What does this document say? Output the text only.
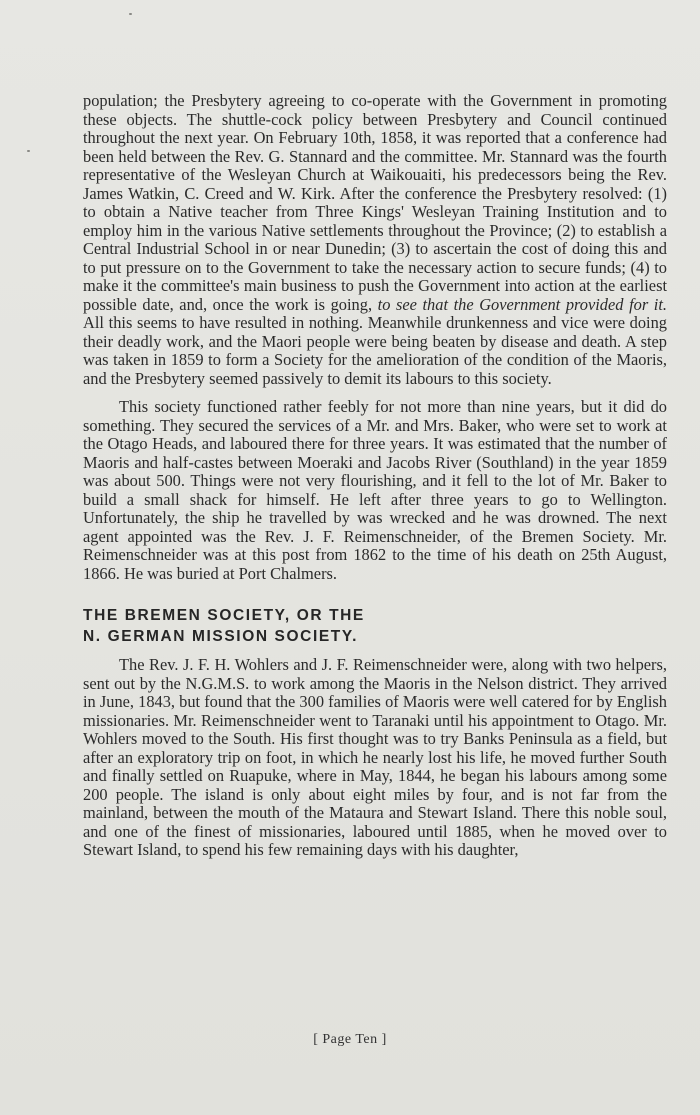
population; the Presbytery agreeing to co-operate with the Government in promoting these objects. The shuttle-cock policy between Presbytery and Council continued throughout the next year. On February 10th, 1858, it was reported that a conference had been held between the Rev. G. Stannard and the committee. Mr. Stannard was the fourth representative of the Wesleyan Church at Waikouaiti, his predecessors being the Rev. James Watkin, C. Creed and W. Kirk. After the conference the Presbytery resolved: (1) to obtain a Native teacher from Three Kings' Wesleyan Training Institution and to employ him in the various Native settlements throughout the Province; (2) to establish a Central Industrial School in or near Dunedin; (3) to ascertain the cost of doing this and to put pressure on to the Government to take the necessary action to secure funds; (4) to make it the committee's main business to push the Government into action at the earliest possible date, and, once the work is going, to see that the Government provided for it. All this seems to have resulted in nothing. Meanwhile drunkenness and vice were doing their deadly work, and the Maori people were being beaten by disease and death. A step was taken in 1859 to form a Society for the amelioration of the condition of the Maoris, and the Presbytery seemed passively to demit its labours to this society.

This society functioned rather feebly for not more than nine years, but it did do something. They secured the services of a Mr. and Mrs. Baker, who were set to work at the Otago Heads, and laboured there for three years. It was estimated that the number of Maoris and half-castes between Moeraki and Jacobs River (Southland) in the year 1859 was about 500. Things were not very flourishing, and it fell to the lot of Mr. Baker to build a small shack for himself. He left after three years to go to Wellington. Unfortunately, the ship he travelled by was wrecked and he was drowned. The next agent appointed was the Rev. J. F. Reimenschneider, of the Bremen Society. Mr. Reimenschneider was at this post from 1862 to the time of his death on 25th August, 1866. He was buried at Port Chalmers.

THE BREMEN SOCIETY, OR THE
N. GERMAN MISSION SOCIETY.

The Rev. J. F. H. Wohlers and J. F. Reimenschneider were, along with two helpers, sent out by the N.G.M.S. to work among the Maoris in the Nelson district. They arrived in June, 1843, but found that the 300 families of Maoris were well catered for by English missionaries. Mr. Reimenschneider went to Taranaki until his appointment to Otago. Mr. Wohlers moved to the South. His first thought was to try Banks Peninsula as a field, but after an exploratory trip on foot, in which he nearly lost his life, he moved further South and finally settled on Ruapuke, where in May, 1844, he began his labours among some 200 people. The island is only about eight miles by four, and is not far from the mainland, between the mouth of the Mataura and Stewart Island. There this noble soul, and one of the finest of missionaries, laboured until 1885, when he moved over to Stewart Island, to spend his few remaining days with his daughter,

[ Page Ten ]
